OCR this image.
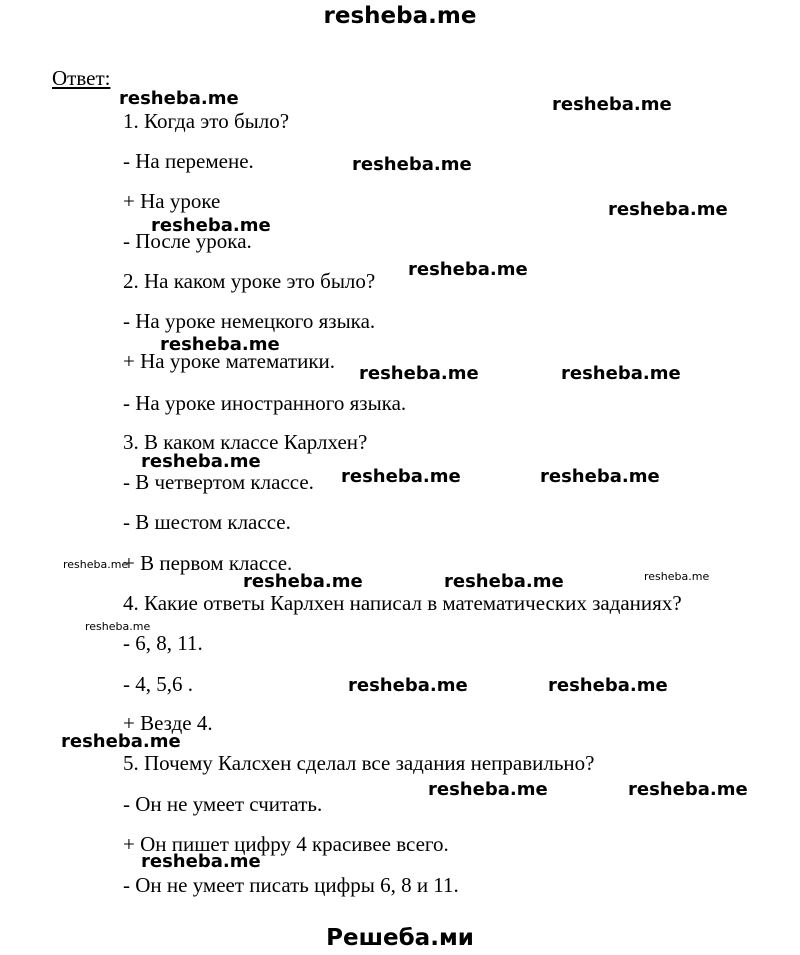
resheba.me
Ответ:
1. Когда это было?
- На перемене.
+ На уроке
- После урока.
2. На каком уроке это было?
- На уроке немецкого языка.
+ На уроке математики.
- На уроке иностранного языка.
3. В каком классе Карлхен?
- В четвертом классе.
- В шестом классе.
+ В первом классе.
4. Какие ответы Карлхен написал в математических заданиях?
- 6, 8, 11.
- 4, 5,6 .
+ Везде 4.
5. Почему Калсхен сделал все задания неправильно?
- Он не умеет считать.
+ Он пишет цифру 4 красивее всего.
- Он не умеет писать цифры 6, 8 и 11.
resheba.me	resheba.me
resheba.me
resheba.me
resheba.me
resheba.me
resheba.me
resheba.me	resheba.me
resheba.me
resheba.me	resheba.me
resheba.me
resheba.me	resheba.me	resheba.me
resheba.me
resheba.me	resheba.me
resheba.me
resheba.me	resheba.me
resheba.me
Решеба.ми
